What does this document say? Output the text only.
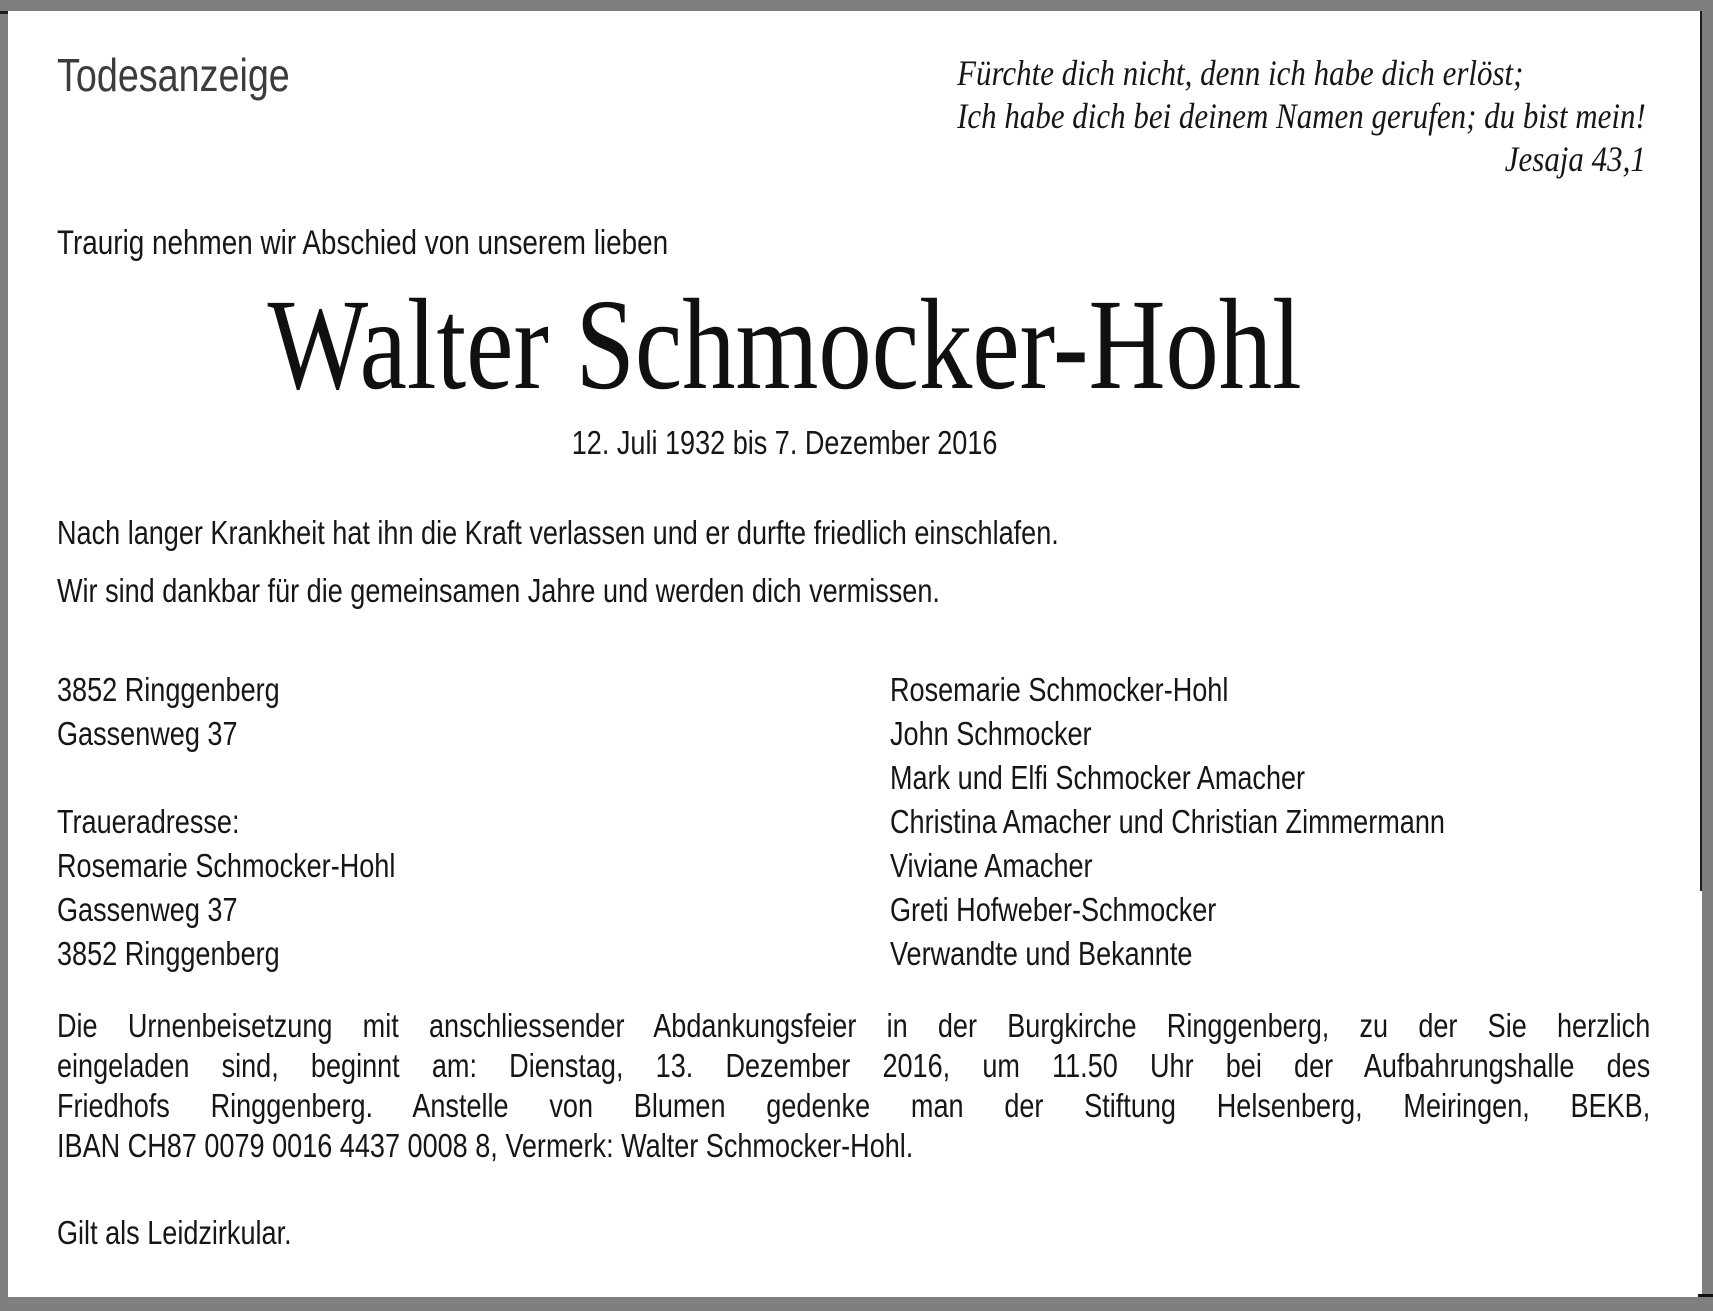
Todesanzeige	Fürchte dich nicht, denn ich habe dich erlöst;
Ich habe dich bei deinem Namen gerufen; du bist mein!
Jesaja 43,1
Traurig nehmen wir Abschied von unserem lieben
Walter Schmocker-Hohl
12. Juli 1932 bis 7. Dezember 2016
Nach langer Krankheit hat ihn die Kraft verlassen und er durfte friedlich einschlafen.
Wir sind dankbar für die gemeinsamen Jahre und werden dich vermissen.
3852 Ringgenberg
Gassenweg 37
Traueradresse:
Rosemarie Schmocker-Hohl
Gassenweg 37
3852 Ringgenberg
Rosemarie Schmocker-Hohl
John Schmocker
Mark und Elfi Schmocker Amacher
Christina Amacher und Christian Zimmermann
Viviane Amacher
Greti Hofweber-Schmocker
Verwandte und Bekannte
Die Urnenbeisetzung mit anschliessender Abdankungsfeier in der Burgkirche Ringgenberg, zu der Sie herzlich
eingeladen sind, beginnt am: Dienstag, 13. Dezember 2016, um 11.50 Uhr bei der Aufbahrungshalle des
Friedhofs Ringgenberg. Anstelle von Blumen gedenke man der Stiftung Helsenberg, Meiringen, BEKB,
IBAN CH87 0079 0016 4437 0008 8, Vermerk: Walter Schmocker-Hohl.
Gilt als Leidzirkular.
